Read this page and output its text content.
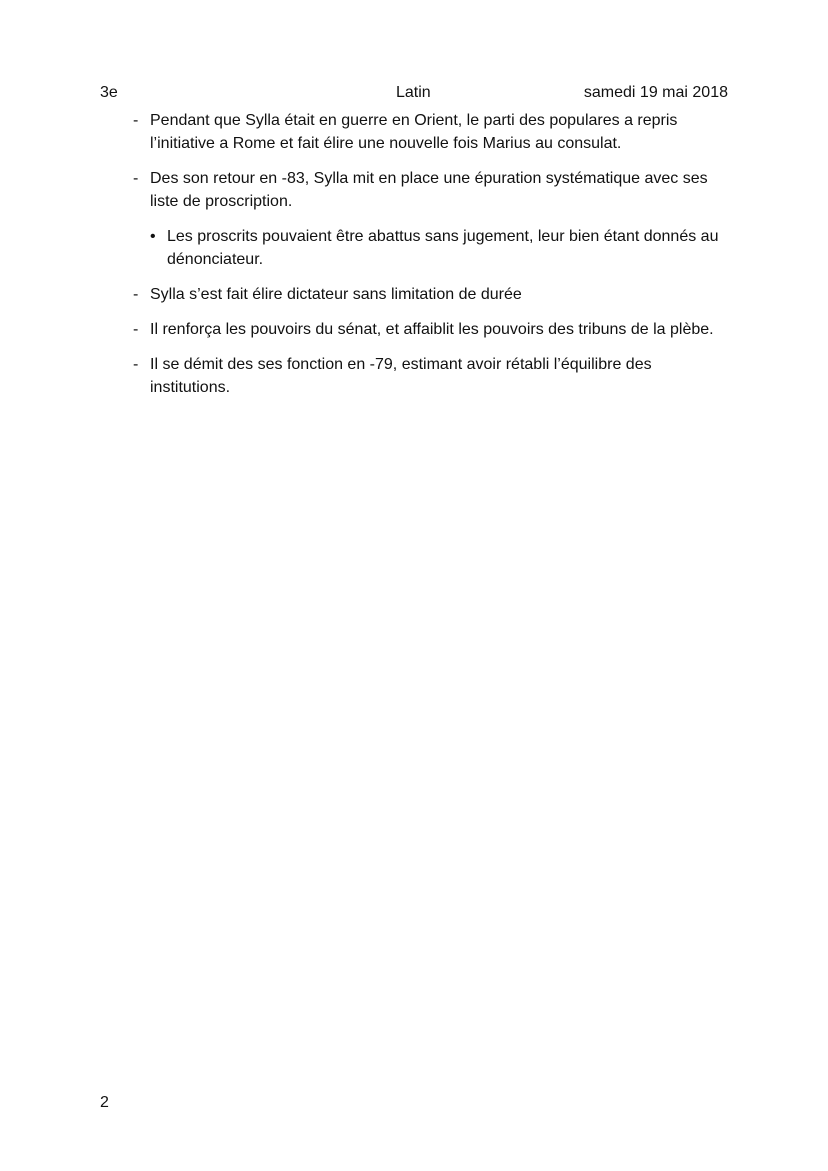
3e	Latin	samedi 19 mai 2018
- Pendant que Sylla était en guerre en Orient, le parti des populares a repris l’initiative a Rome et fait élire une nouvelle fois Marius au consulat.
- Des son retour en -83, Sylla mit en place une épuration systématique avec ses liste de proscription.
• Les proscrits pouvaient être abattus sans jugement, leur bien étant donnés au dénonciateur.
- Sylla s’est fait élire dictateur sans limitation de durée
- Il renforça les pouvoirs du sénat, et affaiblit les pouvoirs des tribuns de la plèbe.
- Il se démit des ses fonction en -79, estimant avoir rétabli l’équilibre des institutions.
2
